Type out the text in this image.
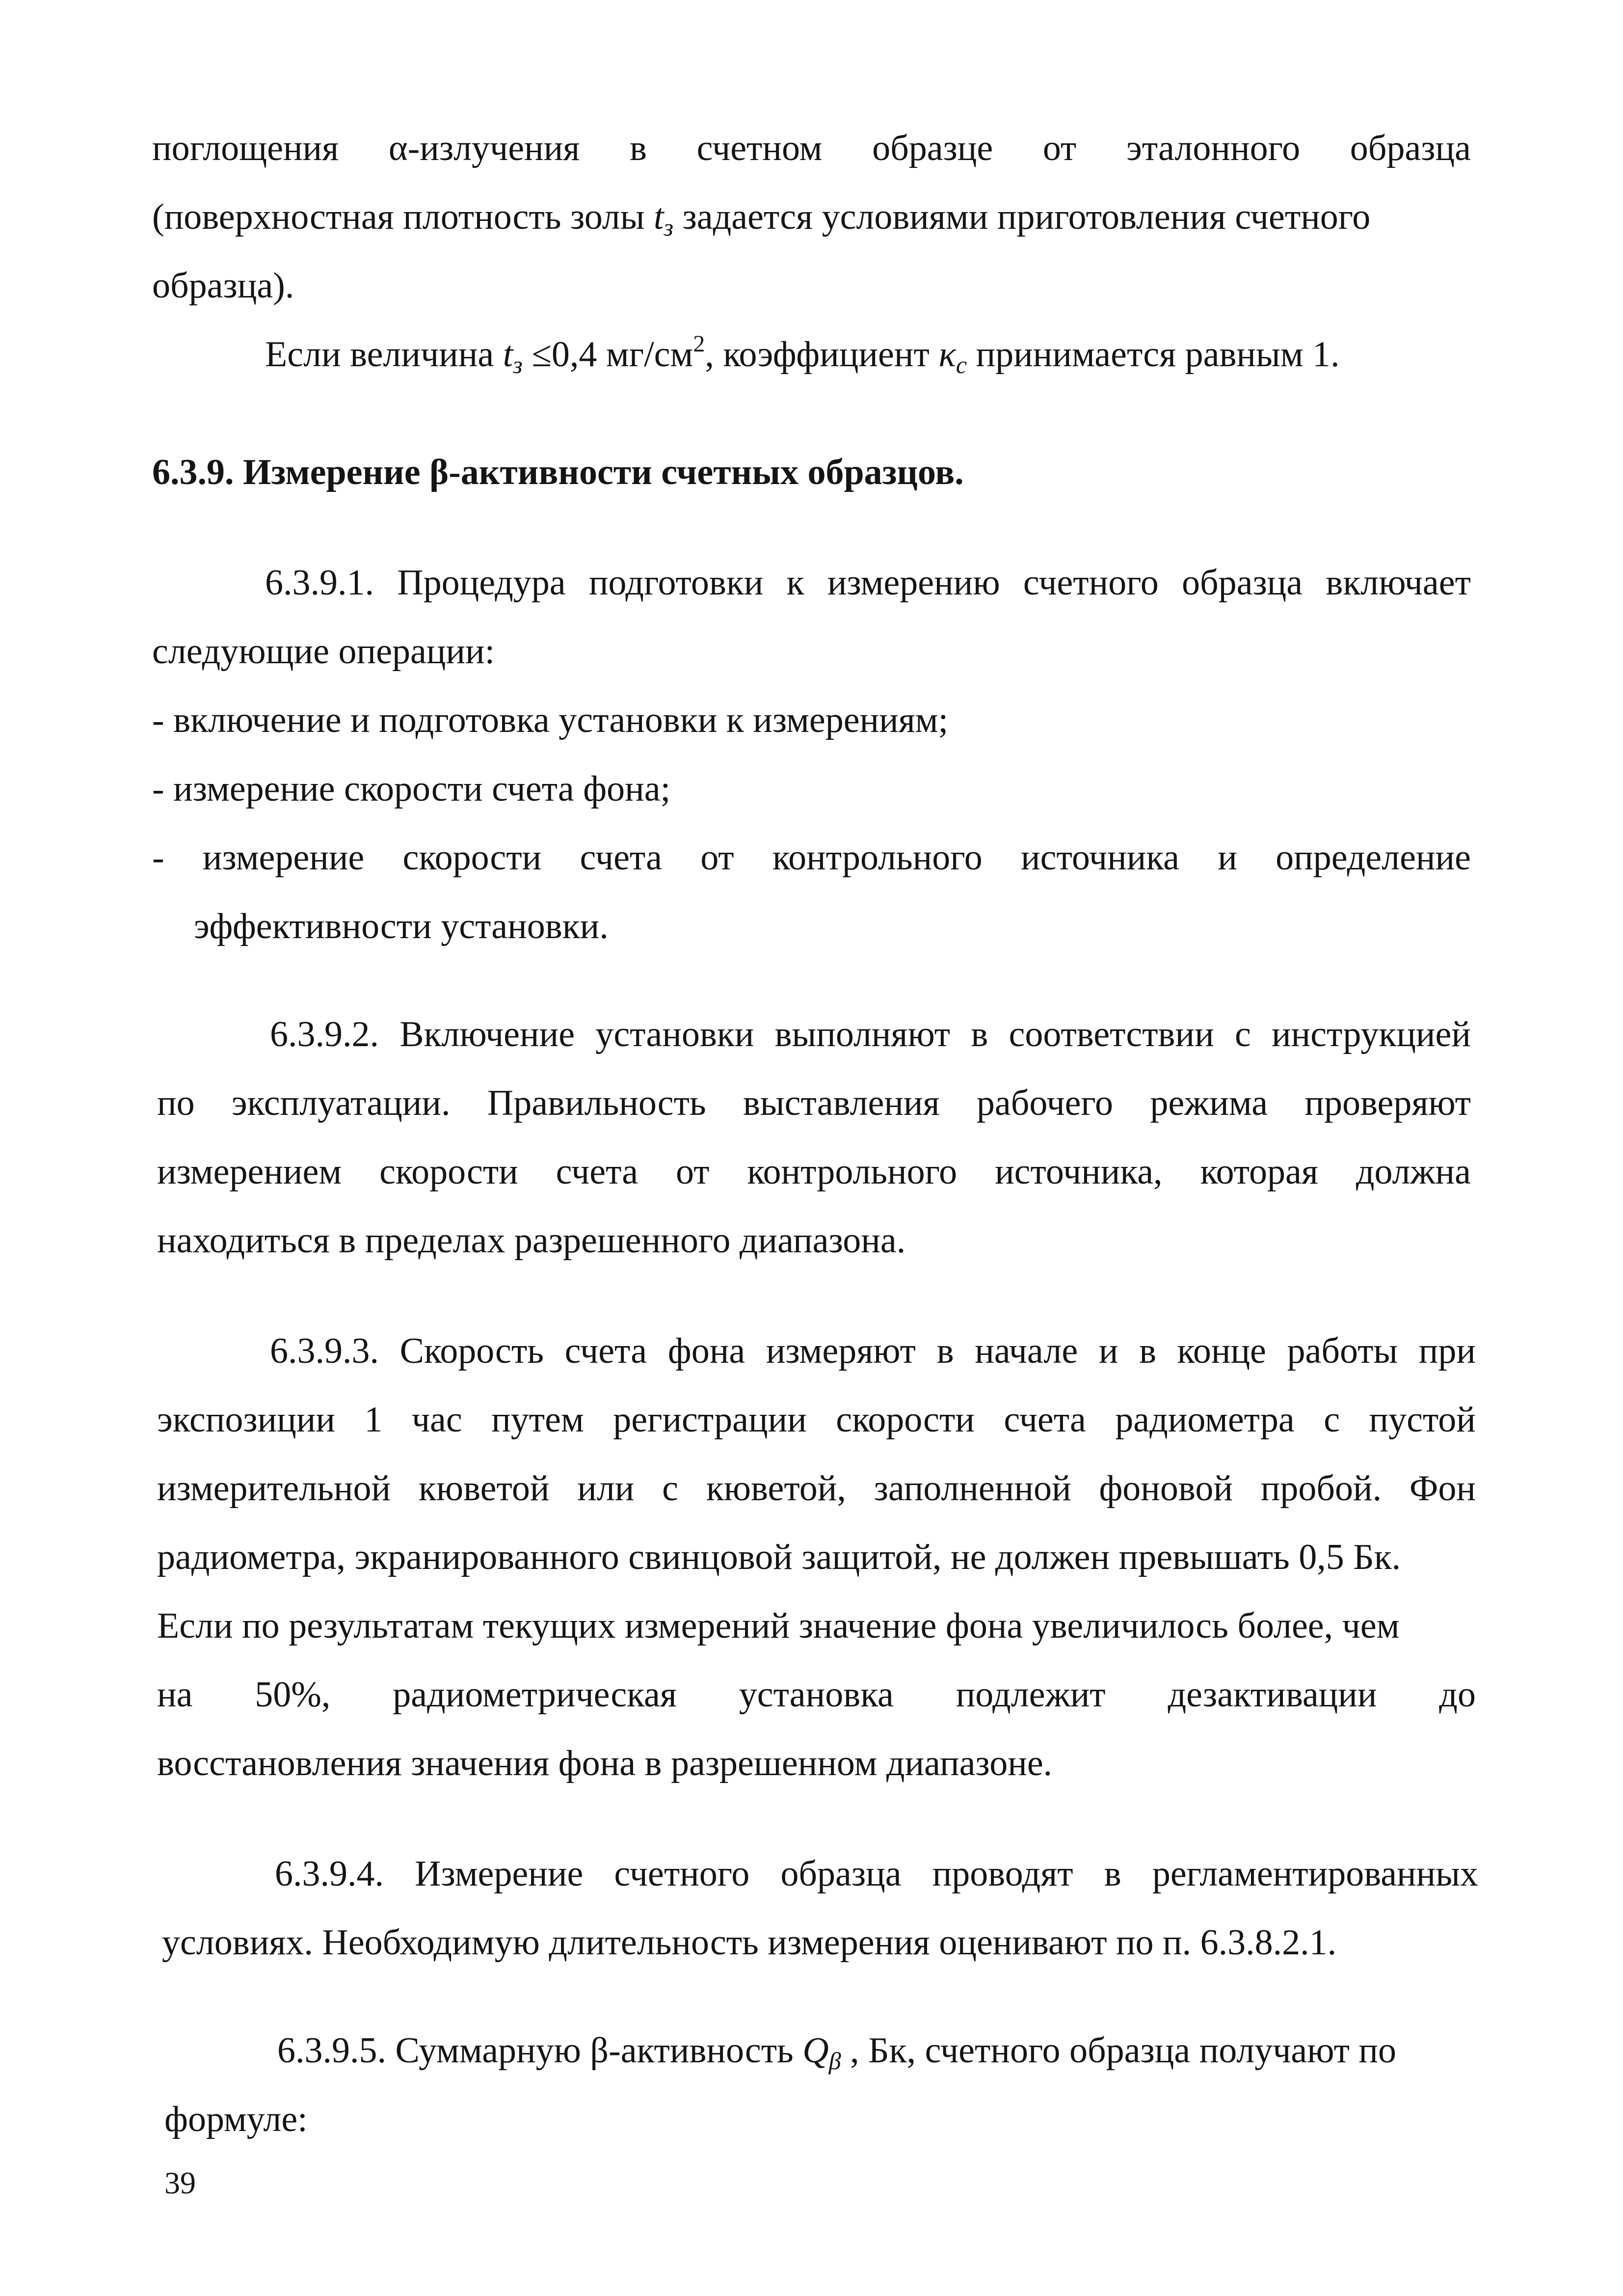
поглощения α-излучения в счетном образце от эталонного образца
(поверхностная плотность золы $t_з$ задается условиями приготовления счетного
образца).
Если величина $t_з \le 0,4$ $мг/см^2$, коэффициент $\kappa_с$ принимается равным 1.
6.3.9. Измерение β-активности счетных образцов.
6.3.9.1. Процедура подготовки к измерению счетного образца включает
следующие операции:
- включение и подготовка установки к измерениям;
- измерение скорости счета фона;
- измерение скорости счета от контрольного источника и определение
эффективности установки.
6.3.9.2. Включение установки выполняют в соответствии с инструкцией
по эксплуатации. Правильность выставления рабочего режима проверяют
измерением скорости счета от контрольного источника, которая должна
находиться в пределах разрешенного диапазона.
6.3.9.3. Скорость счета фона измеряют в начале и в конце работы при
экспозиции 1 час путем регистрации скорости счета радиометра с пустой
измерительной кюветой или с кюветой, заполненной фоновой пробой. Фон
радиометра, экранированного свинцовой защитой, не должен превышать 0,5 Бк.
Если по результатам текущих измерений значение фона увеличилось более, чем
на 50%, радиометрическая установка подлежит дезактивации до
восстановления значения фона в разрешенном диапазоне.
6.3.9.4. Измерение счетного образца проводят в регламентированных
условиях. Необходимую длительность измерения оценивают по п. 6.3.8.2.1.
6.3.9.5. Суммарную β-активность $Q_\beta$ , Бк, счетного образца получают по
формуле:
39
